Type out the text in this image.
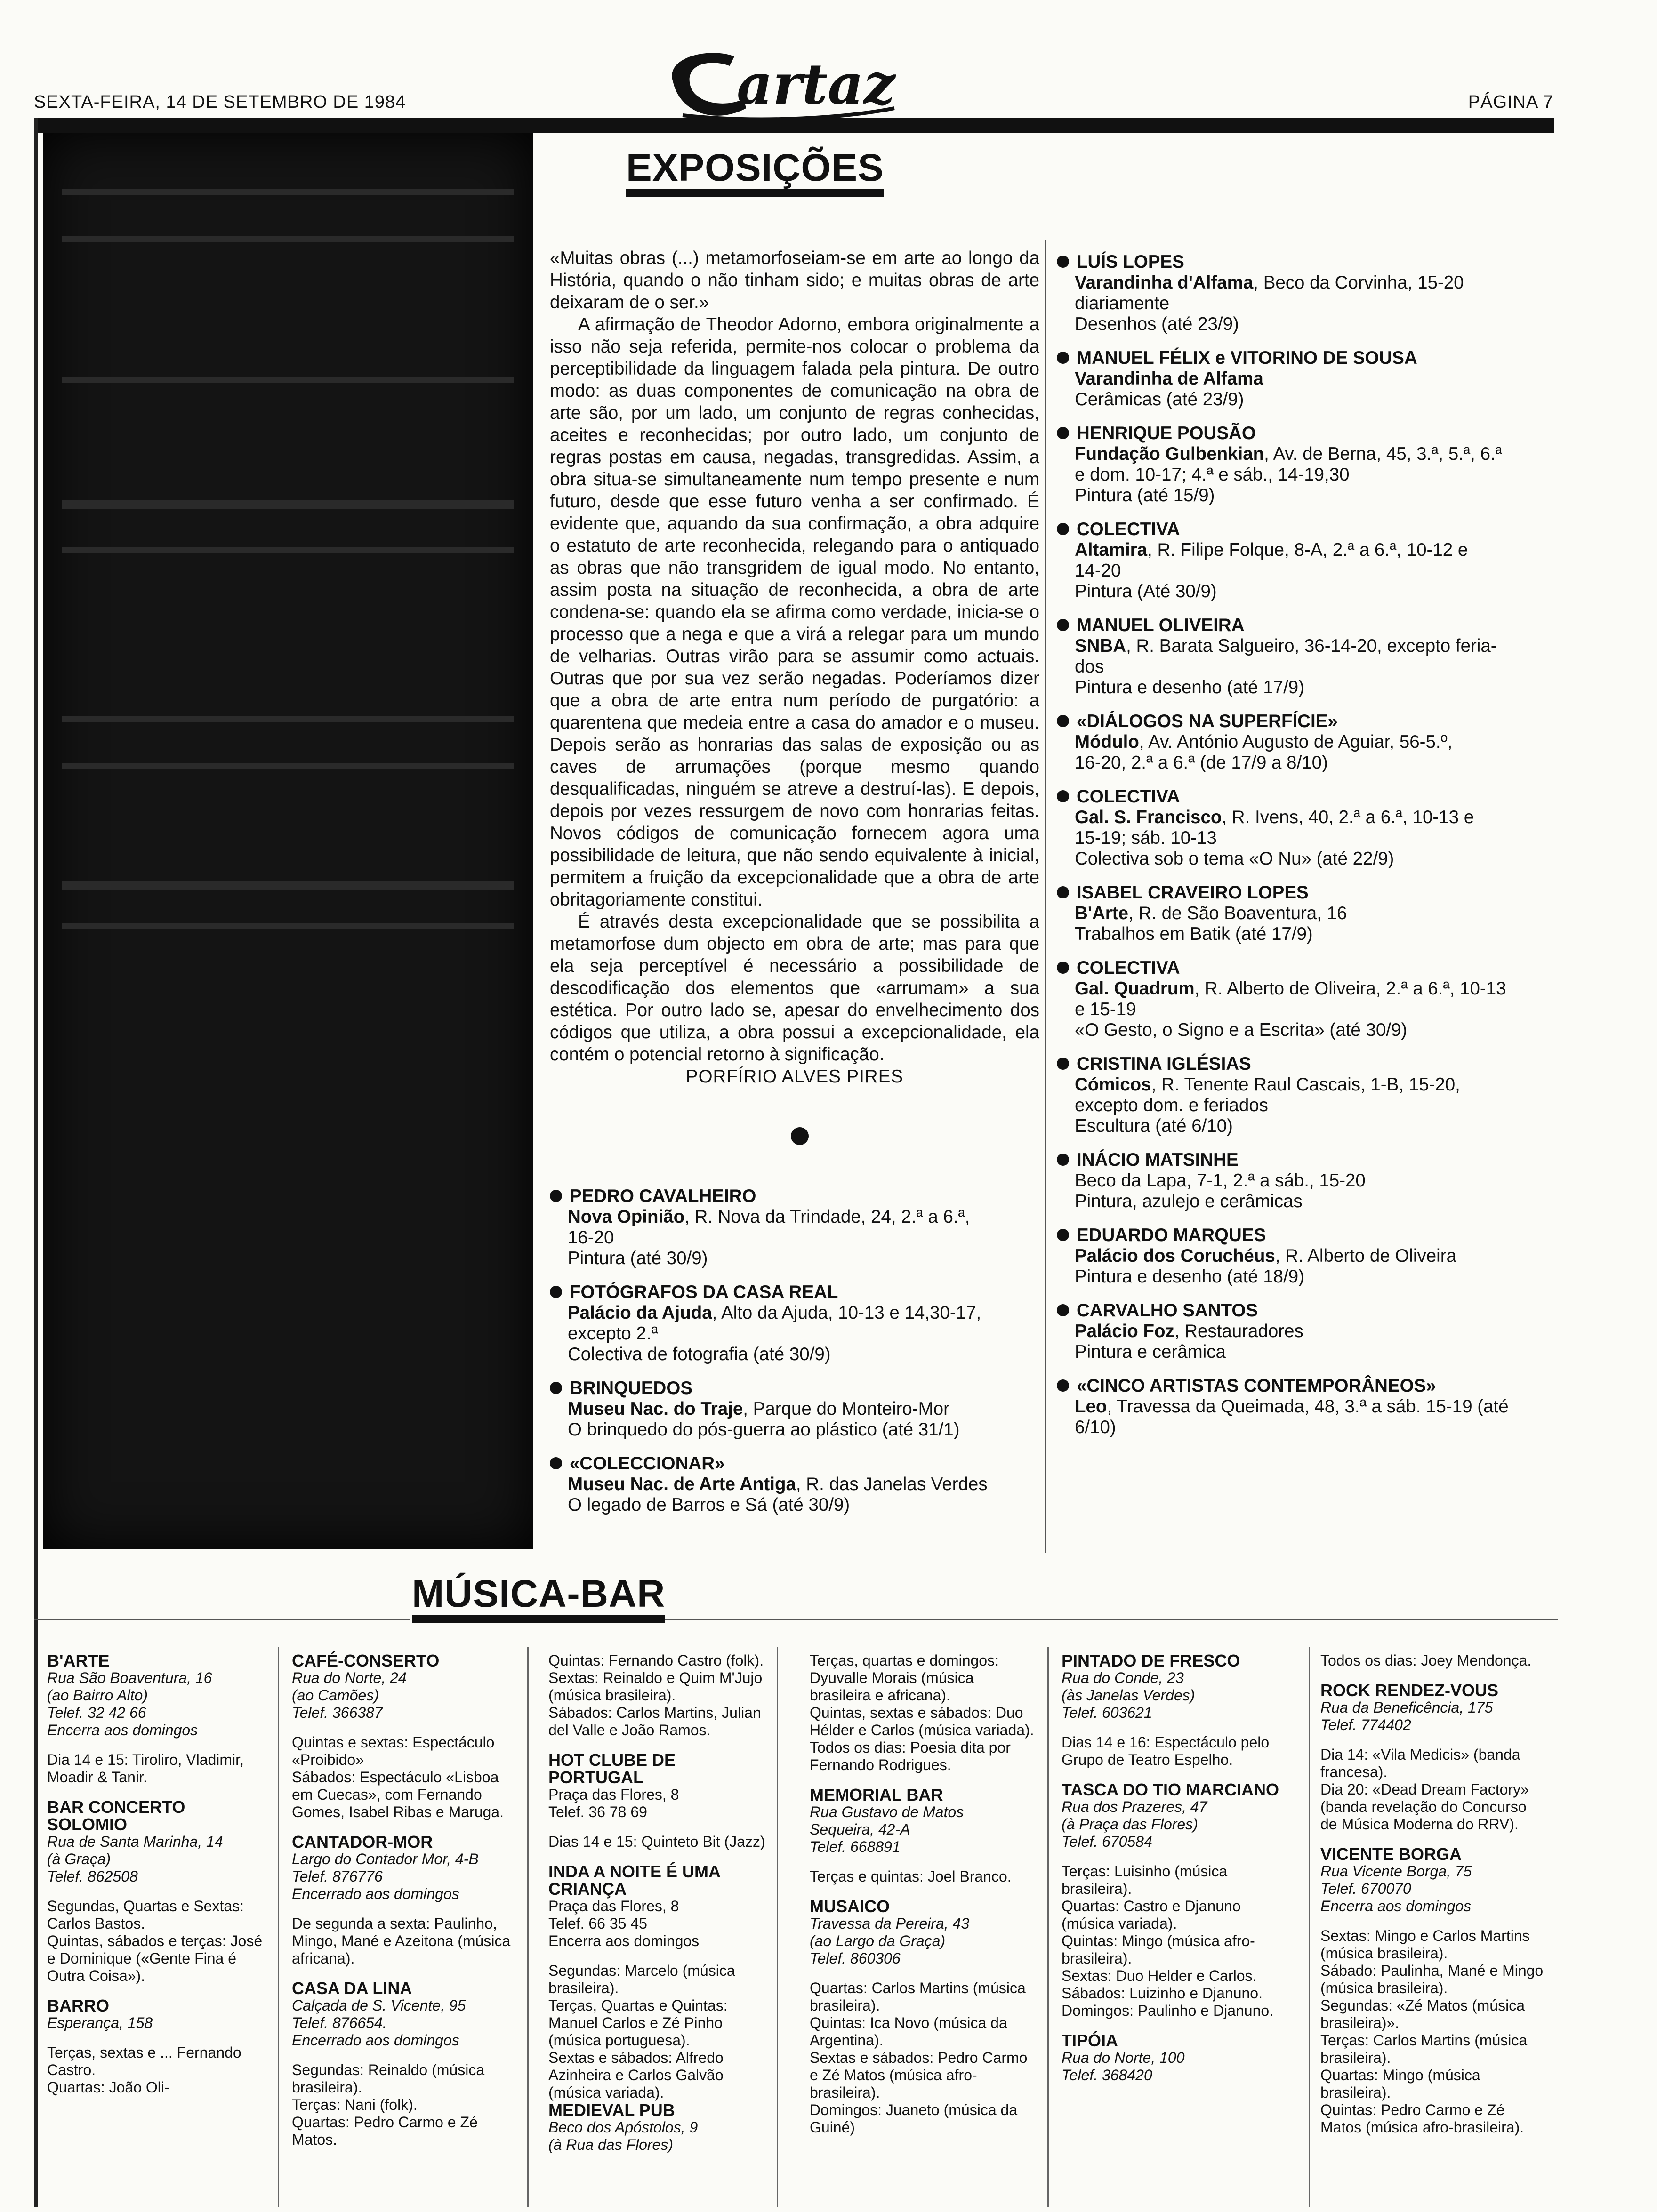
SEXTA-FEIRA, 14 DE SETEMBRO DE 1984	PÁGINA 7
artaz
EXPOSIÇÕES

«Muitas obras (...) metamorfoseiam-se em arte ao longo da História, quando o não tinham sido; e muitas obras de arte deixaram de o ser.»

A afirmação de Theodor Adorno, embora originalmente a isso não seja referida, permite-nos colocar o problema da perceptibilidade da linguagem falada pela pintura. De outro modo: as duas componentes de comunicação na obra de arte são, por um lado, um conjunto de regras conhecidas, aceites e reconhecidas; por outro lado, um conjunto de regras postas em causa, negadas, transgredidas. Assim, a obra situa-se simultaneamente num tempo presente e num futuro, desde que esse futuro venha a ser confirmado. É evidente que, aquando da sua confirmação, a obra adquire o estatuto de arte reconhecida, relegando para o antiquado as obras que não transgridem de igual modo. No entanto, assim posta na situação de reconhecida, a obra de arte condena-se: quando ela se afirma como verdade, inicia-se o processo que a nega e que a virá a relegar para um mundo de velharias. Outras virão para se assumir como actuais. Outras que por sua vez serão negadas. Poderíamos dizer que a obra de arte entra num período de purgatório: a quarentena que medeia entre a casa do amador e o museu. Depois serão as honrarias das salas de exposição ou as caves de arrumações (porque mesmo quando desqualificadas, ninguém se atreve a destruí-las). E depois, depois por vezes ressurgem de novo com honrarias feitas. Novos códigos de comunicação fornecem agora uma possibilidade de leitura, que não sendo equivalente à inicial, permitem a fruição da excepcionalidade que a obra de arte obritagoriamente constitui.

É através desta excepcionalidade que se possibilita a metamorfose dum objecto em obra de arte; mas para que ela seja perceptível é necessário a possibilidade de descodificação dos elementos que «arrumam» a sua estética. Por outro lado se, apesar do envelhecimento dos códigos que utiliza, a obra possui a excepcionalidade, ela contém o potencial retorno à significação.

PORFÍRIO ALVES PIRES

PEDRO CAVALHEIRO
Nova Opinião, R. Nova da Trindade, 24, 2.ª a 6.ª,
16-20
Pintura (até 30/9)
FOTÓGRAFOS DA CASA REAL
Palácio da Ajuda, Alto da Ajuda, 10-13 e 14,30-17,
excepto 2.ª
Colectiva de fotografia (até 30/9)
BRINQUEDOS
Museu Nac. do Traje, Parque do Monteiro-Mor
O brinquedo do pós-guerra ao plástico (até 31/1)
«COLECCIONAR»
Museu Nac. de Arte Antiga, R. das Janelas Verdes
O legado de Barros e Sá (até 30/9)
LUÍS LOPES
Varandinha d'Alfama, Beco da Corvinha, 15-20
diariamente
Desenhos (até 23/9)
MANUEL FÉLIX e VITORINO DE SOUSA
Varandinha de Alfama
Cerâmicas (até 23/9)
HENRIQUE POUSÃO
Fundação Gulbenkian, Av. de Berna, 45, 3.ª, 5.ª, 6.ª
e dom. 10-17; 4.ª e sáb., 14-19,30
Pintura (até 15/9)
COLECTIVA
Altamira, R. Filipe Folque, 8-A, 2.ª a 6.ª, 10-12 e
14-20
Pintura (Até 30/9)
MANUEL OLIVEIRA
SNBA, R. Barata Salgueiro, 36-14-20, excepto feria-
dos
Pintura e desenho (até 17/9)
«DIÁLOGOS NA SUPERFÍCIE»
Módulo, Av. António Augusto de Aguiar, 56-5.º,
16-20, 2.ª a 6.ª (de 17/9 a 8/10)
COLECTIVA
Gal. S. Francisco, R. Ivens, 40, 2.ª a 6.ª, 10-13 e
15-19; sáb. 10-13
Colectiva sob o tema «O Nu» (até 22/9)
ISABEL CRAVEIRO LOPES
B'Arte, R. de São Boaventura, 16
Trabalhos em Batik (até 17/9)
COLECTIVA
Gal. Quadrum, R. Alberto de Oliveira, 2.ª a 6.ª, 10-13
e 15-19
«O Gesto, o Signo e a Escrita» (até 30/9)
CRISTINA IGLÉSIAS
Cómicos, R. Tenente Raul Cascais, 1-B, 15-20,
excepto dom. e feriados
Escultura (até 6/10)
INÁCIO MATSINHE
Beco da Lapa, 7-1, 2.ª a sáb., 15-20
Pintura, azulejo e cerâmicas
EDUARDO MARQUES
Palácio dos Coruchéus, R. Alberto de Oliveira
Pintura e desenho (até 18/9)
CARVALHO SANTOS
Palácio Foz, Restauradores
Pintura e cerâmica
«CINCO ARTISTAS CONTEMPORÂNEOS»
Leo, Travessa da Queimada, 48, 3.ª a sáb. 15-19 (até
6/10)
MÚSICA-BAR
B'ARTE
Rua São Boaventura, 16
(ao Bairro Alto)
Telef. 32 42 66
Encerra aos domingos
Dia 14 e 15: Tiroliro, Vladimir, Moadir & Tanir.
BAR CONCERTO SOLOMIO
Rua de Santa Marinha, 14
(à Graça)
Telef. 862508
Segundas, Quartas e Sextas: Carlos Bastos.
Quintas, sábados e terças: José e Dominique («Gente Fina é Outra Coisa»).
BARRO
Esperança, 158
Terças, sextas e ... Fernando Castro.
Quartas: João Oli-
CAFÉ-CONSERTO
Rua do Norte, 24
(ao Camões)
Telef. 366387
Quintas e sextas: Espectáculo «Proibido»
Sábados: Espectáculo «Lisboa em Cuecas», com Fernando Gomes, Isabel Ribas e Maruga.
CANTADOR-MOR
Largo do Contador Mor, 4-B
Telef. 876776
Encerrado aos domingos
De segunda a sexta: Paulinho, Mingo, Mané e Azeitona (música africana).
CASA DA LINA
Calçada de S. Vicente, 95
Telef. 876654.
Encerrado aos domingos
Segundas: Reinaldo (música brasileira).
Terças: Nani (folk).
Quartas: Pedro Carmo e Zé Matos.
Quintas: Fernando Castro (folk).
Sextas: Reinaldo e Quim M'Jujo (música brasileira).
Sábados: Carlos Martins, Julian del Valle e João Ramos.
HOT CLUBE DE PORTUGAL
Praça das Flores, 8
Telef. 36 78 69
Dias 14 e 15: Quinteto Bit (Jazz)
INDA A NOITE É UMA CRIANÇA
Praça das Flores, 8
Telef. 66 35 45
Encerra aos domingos
Segundas: Marcelo (música brasileira).
Terças, Quartas e Quintas: Manuel Carlos e Zé Pinho (música portuguesa).
Sextas e sábados: Alfredo Azinheira e Carlos Galvão (música variada).
MEDIEVAL PUB
Beco dos Apóstolos, 9
(à Rua das Flores)
Terças, quartas e domingos: Dyuvalle Morais (música brasileira e africana).
Quintas, sextas e sábados: Duo Hélder e Carlos (música variada).
Todos os dias: Poesia dita por Fernando Rodrigues.
MEMORIAL BAR
Rua Gustavo de Matos
Sequeira, 42-A
Telef. 668891
Terças e quintas: Joel Branco.
MUSAICO
Travessa da Pereira, 43
(ao Largo da Graça)
Telef. 860306
Quartas: Carlos Martins (música brasileira).
Quintas: Ica Novo (música da Argentina).
Sextas e sábados: Pedro Carmo e Zé Matos (música afro-brasileira).
Domingos: Juaneto (música da Guiné)
PINTADO DE FRESCO
Rua do Conde, 23
(às Janelas Verdes)
Telef. 603621
Dias 14 e 16: Espectáculo pelo Grupo de Teatro Espelho.
TASCA DO TIO MARCIANO
Rua dos Prazeres, 47
(à Praça das Flores)
Telef. 670584
Terças: Luisinho (música brasileira).
Quartas: Castro e Djanuno (música variada).
Quintas: Mingo (música afro-brasileira).
Sextas: Duo Helder e Carlos.
Sábados: Luizinho e Djanuno.
Domingos: Paulinho e Djanuno.
TIPÓIA
Rua do Norte, 100
Telef. 368420
Todos os dias: Joey Mendonça.
ROCK RENDEZ-VOUS
Rua da Beneficência, 175
Telef. 774402
Dia 14: «Vila Medicis» (banda francesa).
Dia 20: «Dead Dream Factory» (banda revelação do Concurso de Música Moderna do RRV).
VICENTE BORGA
Rua Vicente Borga, 75
Telef. 670070
Encerra aos domingos
Sextas: Mingo e Carlos Martins (música brasileira).
Sábado: Paulinha, Mané e Mingo (música brasileira).
Segundas: «Zé Matos (música brasileira)».
Terças: Carlos Martins (música brasileira).
Quartas: Mingo (música brasileira).
Quintas: Pedro Carmo e Zé Matos (música afro-brasileira).
